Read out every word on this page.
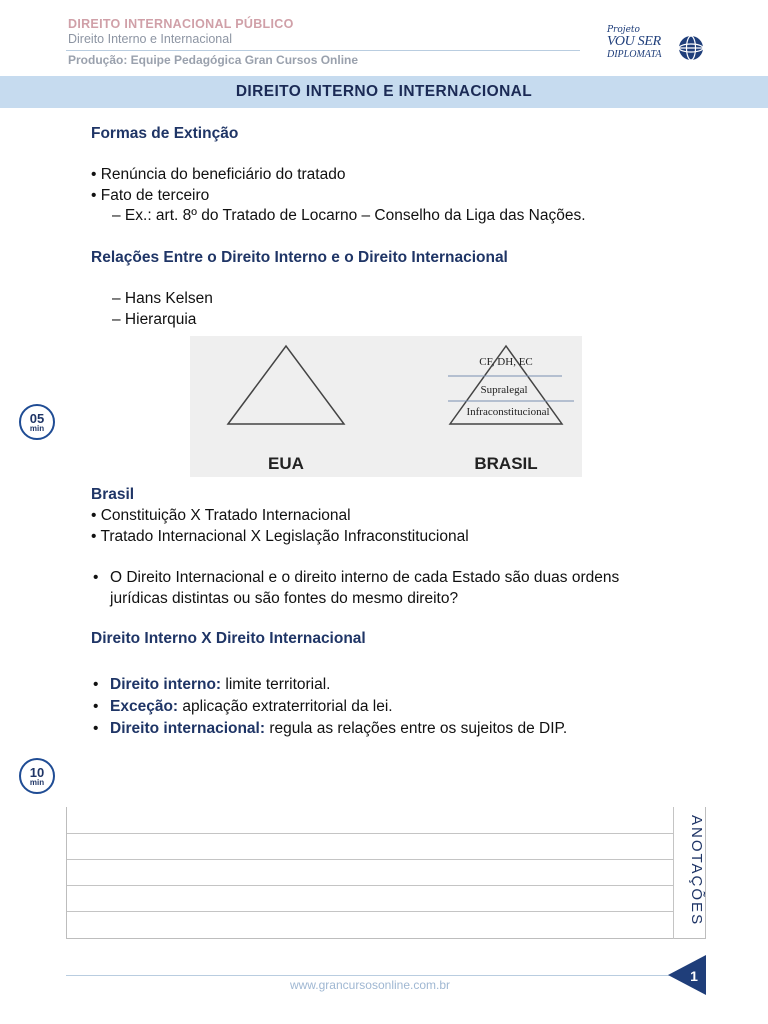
DIREITO INTERNACIONAL PÚBLICO
Direito Interno e Internacional
Produção: Equipe Pedagógica Gran Cursos Online
Projeto
VOU SER
DIPLOMATA
DIREITO INTERNO E INTERNACIONAL
Formas de Extinção
• Renúncia do beneficiário do tratado
• Fato de terceiro
– Ex.: art. 8º do Tratado de Locarno – Conselho da Liga das Nações.
Relações Entre o Direito Interno e o Direito Internacional
– Hans Kelsen
– Hierarquia
CF, DH, EC
Supralegal
Infraconstitucional
EUA	BRASIL
Brasil
• Constituição X Tratado Internacional
• Tratado Internacional X Legislação Infraconstitucional
• O Direito Internacional e o direito interno de cada Estado são duas ordens
jurídicas distintas ou são fontes do mesmo direito?
Direito Interno X Direito Internacional
• Direito interno: limite territorial.
• Exceção: aplicação extraterritorial da lei.
• Direito internacional: regula as relações entre os sujeitos de DIP.
05
min
10
min
ANOTAÇÕES
www.grancursosonline.com.br
1
